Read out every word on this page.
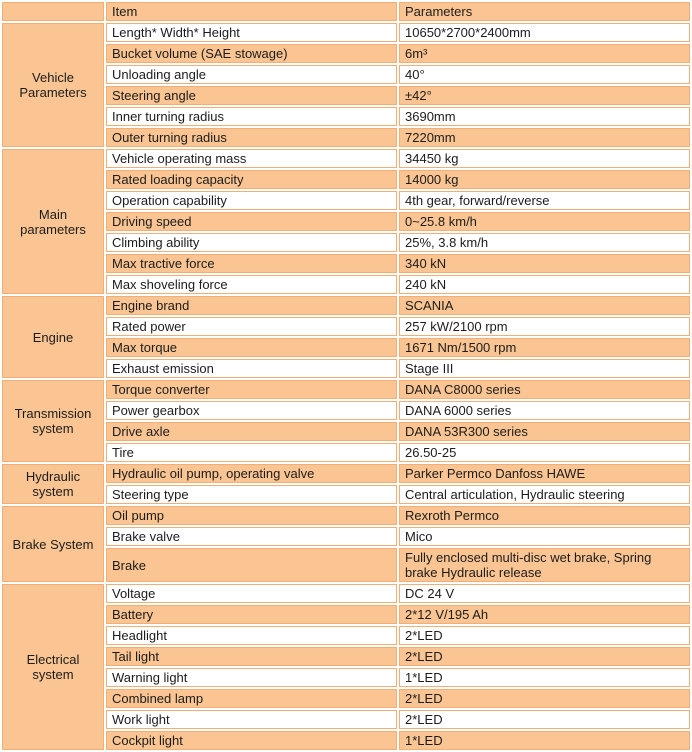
	Item	Parameters
Vehicle Parameters	Length* Width* Height	10650*2700*2400mm
	Bucket volume (SAE stowage)	6m³
	Unloading angle	40°
	Steering angle	±42°
	Inner turning radius	3690mm
	Outer turning radius	7220mm
Main parameters	Vehicle operating mass	34450 kg
	Rated loading capacity	14000 kg
	Operation capability	4th gear, forward/reverse
	Driving speed	0~25.8 km/h
	Climbing ability	25%, 3.8 km/h
	Max tractive force	340 kN
	Max shoveling force	240 kN
Engine	Engine brand	SCANIA
	Rated power	257 kW/2100 rpm
	Max torque	1671 Nm/1500 rpm
	Exhaust emission	Stage III
Transmission system	Torque converter	DANA C8000 series
	Power gearbox	DANA 6000 series
	Drive axle	DANA 53R300 series
	Tire	26.50-25
Hydraulic system	Hydraulic oil pump, operating valve	Parker Permco Danfoss HAWE
	Steering type	Central articulation, Hydraulic steering
Brake System	Oil pump	Rexroth Permco
	Brake valve	Mico
	Brake	Fully enclosed multi-disc wet brake, Spring brake Hydraulic release
Electrical system	Voltage	DC 24 V
	Battery	2*12 V/195 Ah
	Headlight	2*LED
	Tail light	2*LED
	Warning light	1*LED
	Combined lamp	2*LED
	Work light	2*LED
	Cockpit light	1*LED
